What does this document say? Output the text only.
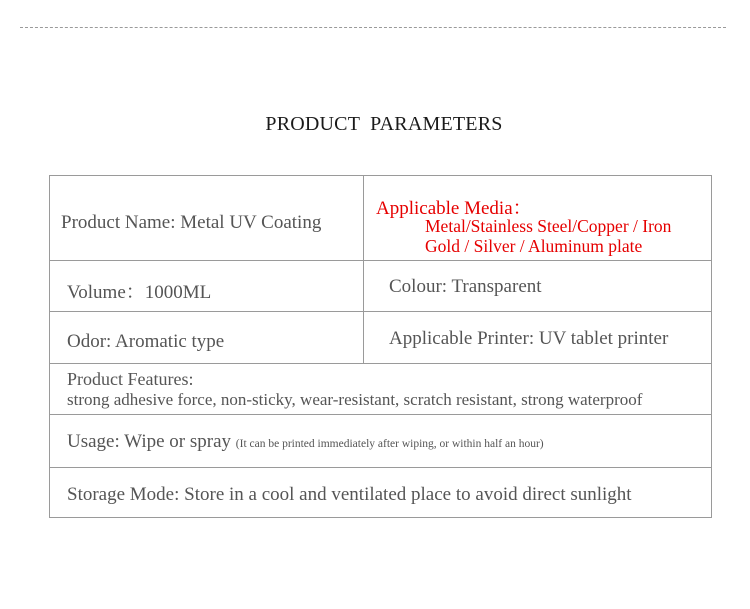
PRODUCT  PARAMETERS
Product Name: Metal UV Coating
Applicable Media：
Metal/Stainless Steel/Copper / Iron
Gold / Silver / Aluminum plate
Volume：1000ML	Colour: Transparent
Odor: Aromatic type	Applicable Printer: UV tablet printer
Product Features:
strong adhesive force, non-sticky, wear-resistant, scratch resistant, strong waterproof
Usage: Wipe or spray (It can be printed immediately after wiping, or within half an hour)
Storage Mode: Store in a cool and ventilated place to avoid direct sunlight
